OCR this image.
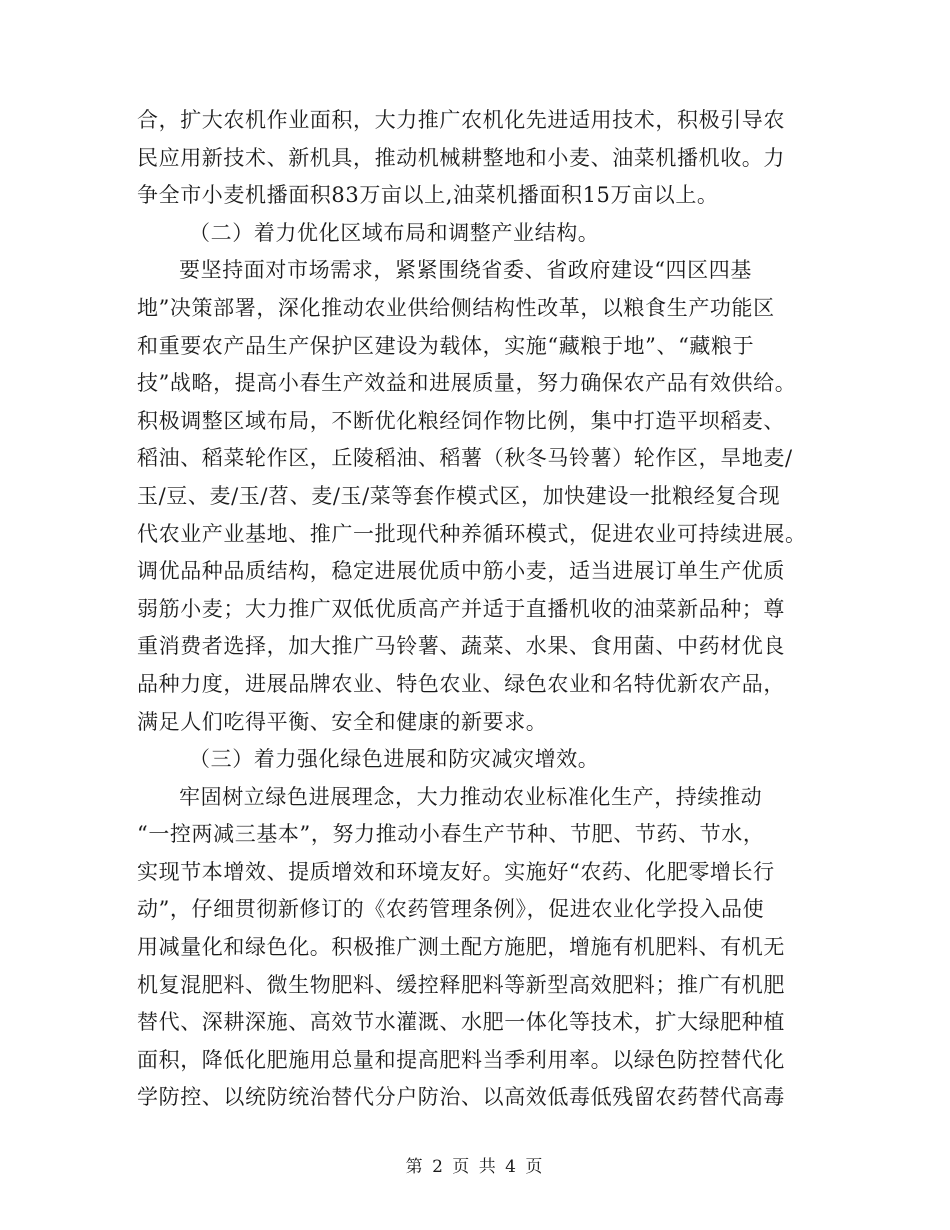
合，扩大农机作业面积，大力推广农机化先进适用技术，积极引导农
民应用新技术、新机具，推动机械耕整地和小麦、油菜机播机收。力
争全市小麦机播面积83万亩以上,油菜机播面积15万亩以上。
（二）着力优化区域布局和调整产业结构。
要坚持面对市场需求，紧紧围绕省委、省政府建设“四区四基
地”决策部署，深化推动农业供给侧结构性改革，以粮食生产功能区
和重要农产品生产保护区建设为载体，实施“藏粮于地”、“藏粮于
技”战略，提高小春生产效益和进展质量，努力确保农产品有效供给。
积极调整区域布局，不断优化粮经饲作物比例，集中打造平坝稻麦、
稻油、稻菜轮作区，丘陵稻油、稻薯（秋冬马铃薯）轮作区，旱地麦/
玉/豆、麦/玉/苕、麦/玉/菜等套作模式区，加快建设一批粮经复合现
代农业产业基地、推广一批现代种养循环模式，促进农业可持续进展。
调优品种品质结构，稳定进展优质中筋小麦，适当进展订单生产优质
弱筋小麦；大力推广双低优质高产并适于直播机收的油菜新品种；尊
重消费者选择，加大推广马铃薯、蔬菜、水果、食用菌、中药材优良
品种力度，进展品牌农业、特色农业、绿色农业和名特优新农产品，
满足人们吃得平衡、安全和健康的新要求。
（三）着力强化绿色进展和防灾减灾增效。
牢固树立绿色进展理念，大力推动农业标准化生产，持续推动
“一控两减三基本”，努力推动小春生产节种、节肥、节药、节水，
实现节本增效、提质增效和环境友好。实施好“农药、化肥零增长行
动”，仔细贯彻新修订的《农药管理条例》，促进农业化学投入品使
用减量化和绿色化。积极推广测土配方施肥，增施有机肥料、有机无
机复混肥料、微生物肥料、缓控释肥料等新型高效肥料；推广有机肥
替代、深耕深施、高效节水灌溉、水肥一体化等技术，扩大绿肥种植
面积，降低化肥施用总量和提高肥料当季利用率。以绿色防控替代化
学防控、以统防统治替代分户防治、以高效低毒低残留农药替代高毒
第 2 页 共 4 页
